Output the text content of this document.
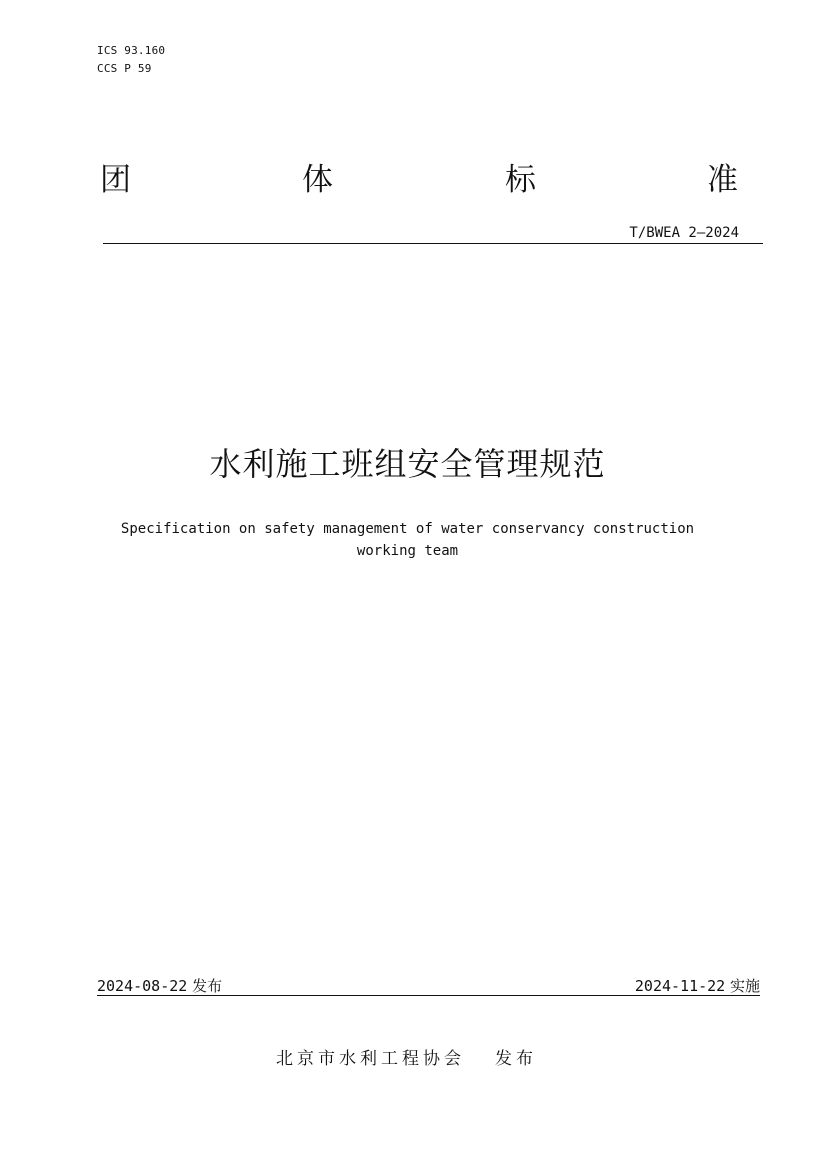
ICS 93.160
CCS P 59
团	体	标	准
T/BWEA 2—2024
水利施工班组安全管理规范
Specification on safety management of water conservancy construction
working team
2024-08-22 发布	2024-11-22 实施
北京市水利工程协会 发布
